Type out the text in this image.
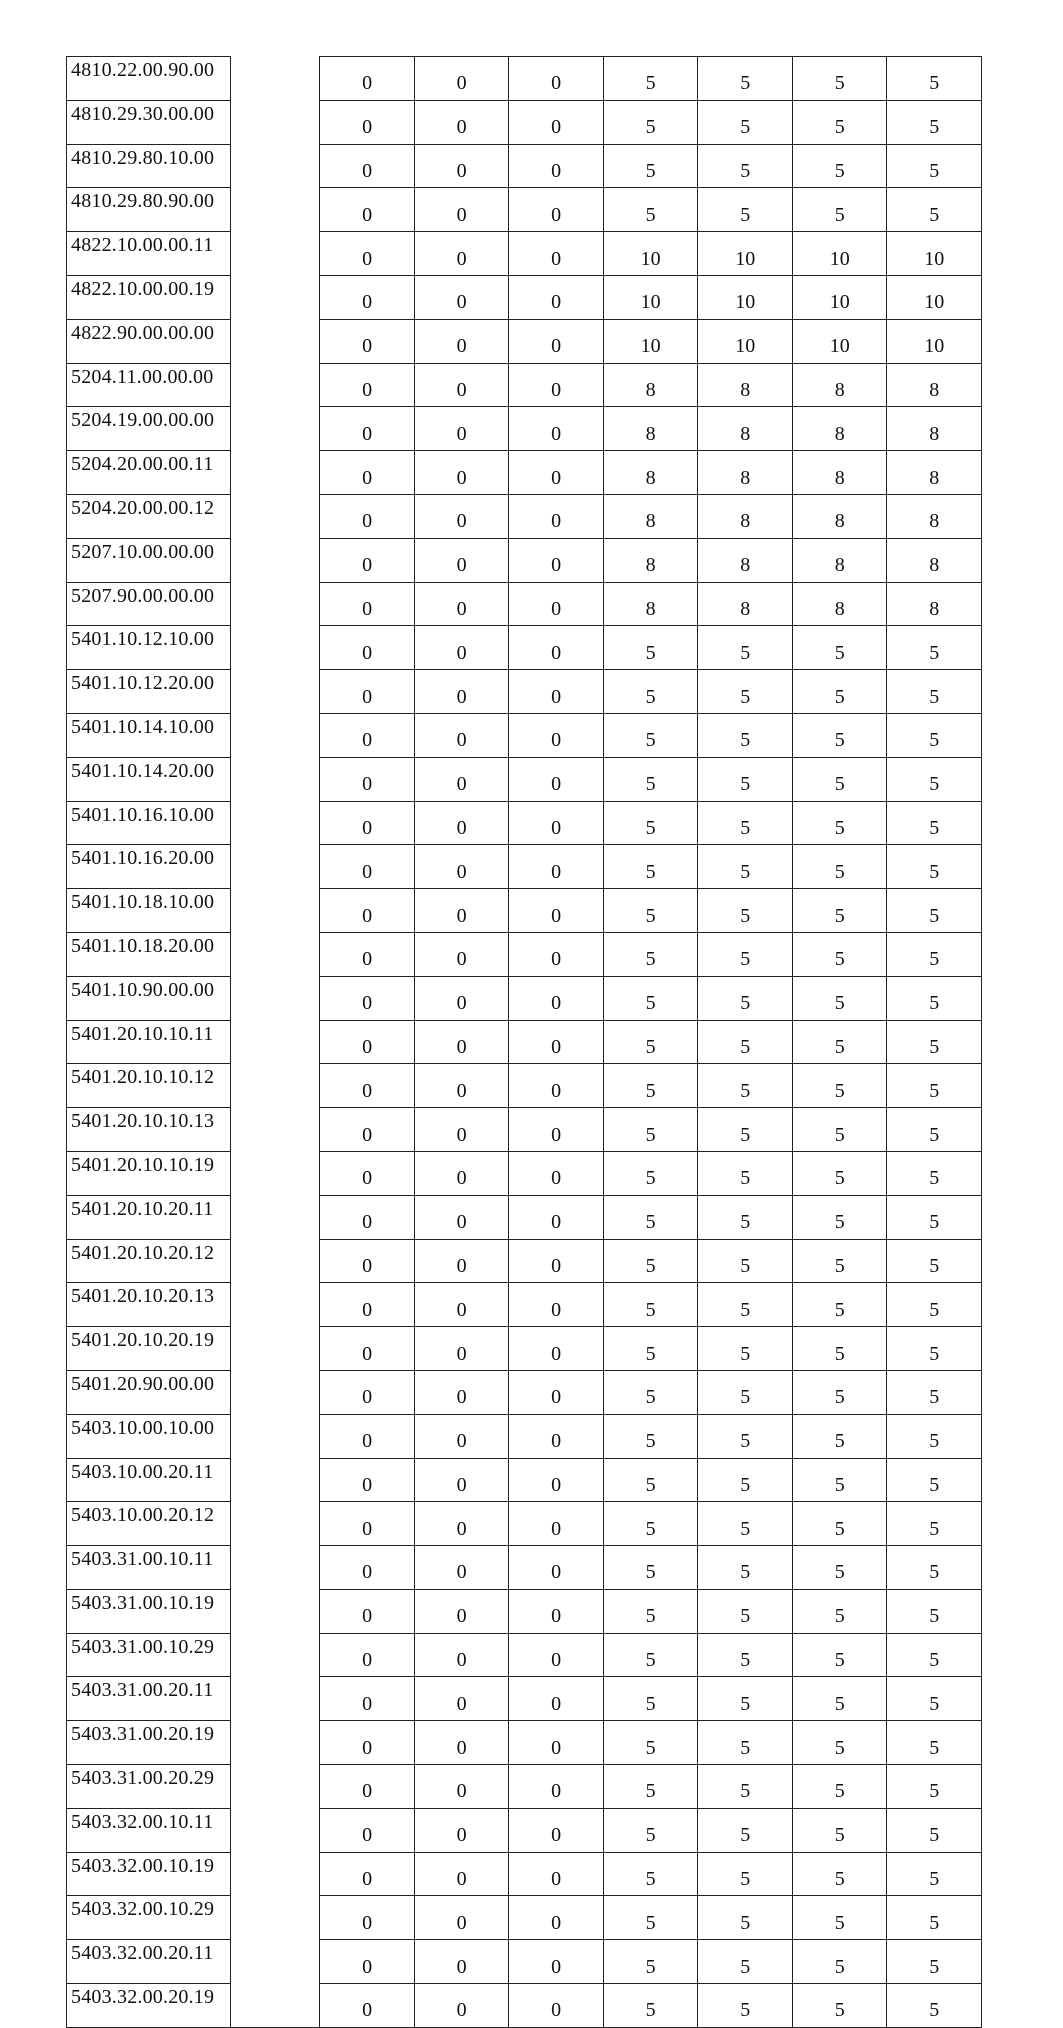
4810.22.00.90.00		0	0	0	5	5	5	5
4810.29.30.00.00		0	0	0	5	5	5	5
4810.29.80.10.00		0	0	0	5	5	5	5
4810.29.80.90.00		0	0	0	5	5	5	5
4822.10.00.00.11		0	0	0	10	10	10	10
4822.10.00.00.19		0	0	0	10	10	10	10
4822.90.00.00.00		0	0	0	10	10	10	10
5204.11.00.00.00		0	0	0	8	8	8	8
5204.19.00.00.00		0	0	0	8	8	8	8
5204.20.00.00.11		0	0	0	8	8	8	8
5204.20.00.00.12		0	0	0	8	8	8	8
5207.10.00.00.00		0	0	0	8	8	8	8
5207.90.00.00.00		0	0	0	8	8	8	8
5401.10.12.10.00		0	0	0	5	5	5	5
5401.10.12.20.00		0	0	0	5	5	5	5
5401.10.14.10.00		0	0	0	5	5	5	5
5401.10.14.20.00		0	0	0	5	5	5	5
5401.10.16.10.00		0	0	0	5	5	5	5
5401.10.16.20.00		0	0	0	5	5	5	5
5401.10.18.10.00		0	0	0	5	5	5	5
5401.10.18.20.00		0	0	0	5	5	5	5
5401.10.90.00.00		0	0	0	5	5	5	5
5401.20.10.10.11		0	0	0	5	5	5	5
5401.20.10.10.12		0	0	0	5	5	5	5
5401.20.10.10.13		0	0	0	5	5	5	5
5401.20.10.10.19		0	0	0	5	5	5	5
5401.20.10.20.11		0	0	0	5	5	5	5
5401.20.10.20.12		0	0	0	5	5	5	5
5401.20.10.20.13		0	0	0	5	5	5	5
5401.20.10.20.19		0	0	0	5	5	5	5
5401.20.90.00.00		0	0	0	5	5	5	5
5403.10.00.10.00		0	0	0	5	5	5	5
5403.10.00.20.11		0	0	0	5	5	5	5
5403.10.00.20.12		0	0	0	5	5	5	5
5403.31.00.10.11		0	0	0	5	5	5	5
5403.31.00.10.19		0	0	0	5	5	5	5
5403.31.00.10.29		0	0	0	5	5	5	5
5403.31.00.20.11		0	0	0	5	5	5	5
5403.31.00.20.19		0	0	0	5	5	5	5
5403.31.00.20.29		0	0	0	5	5	5	5
5403.32.00.10.11		0	0	0	5	5	5	5
5403.32.00.10.19		0	0	0	5	5	5	5
5403.32.00.10.29		0	0	0	5	5	5	5
5403.32.00.20.11		0	0	0	5	5	5	5
5403.32.00.20.19		0	0	0	5	5	5	5
